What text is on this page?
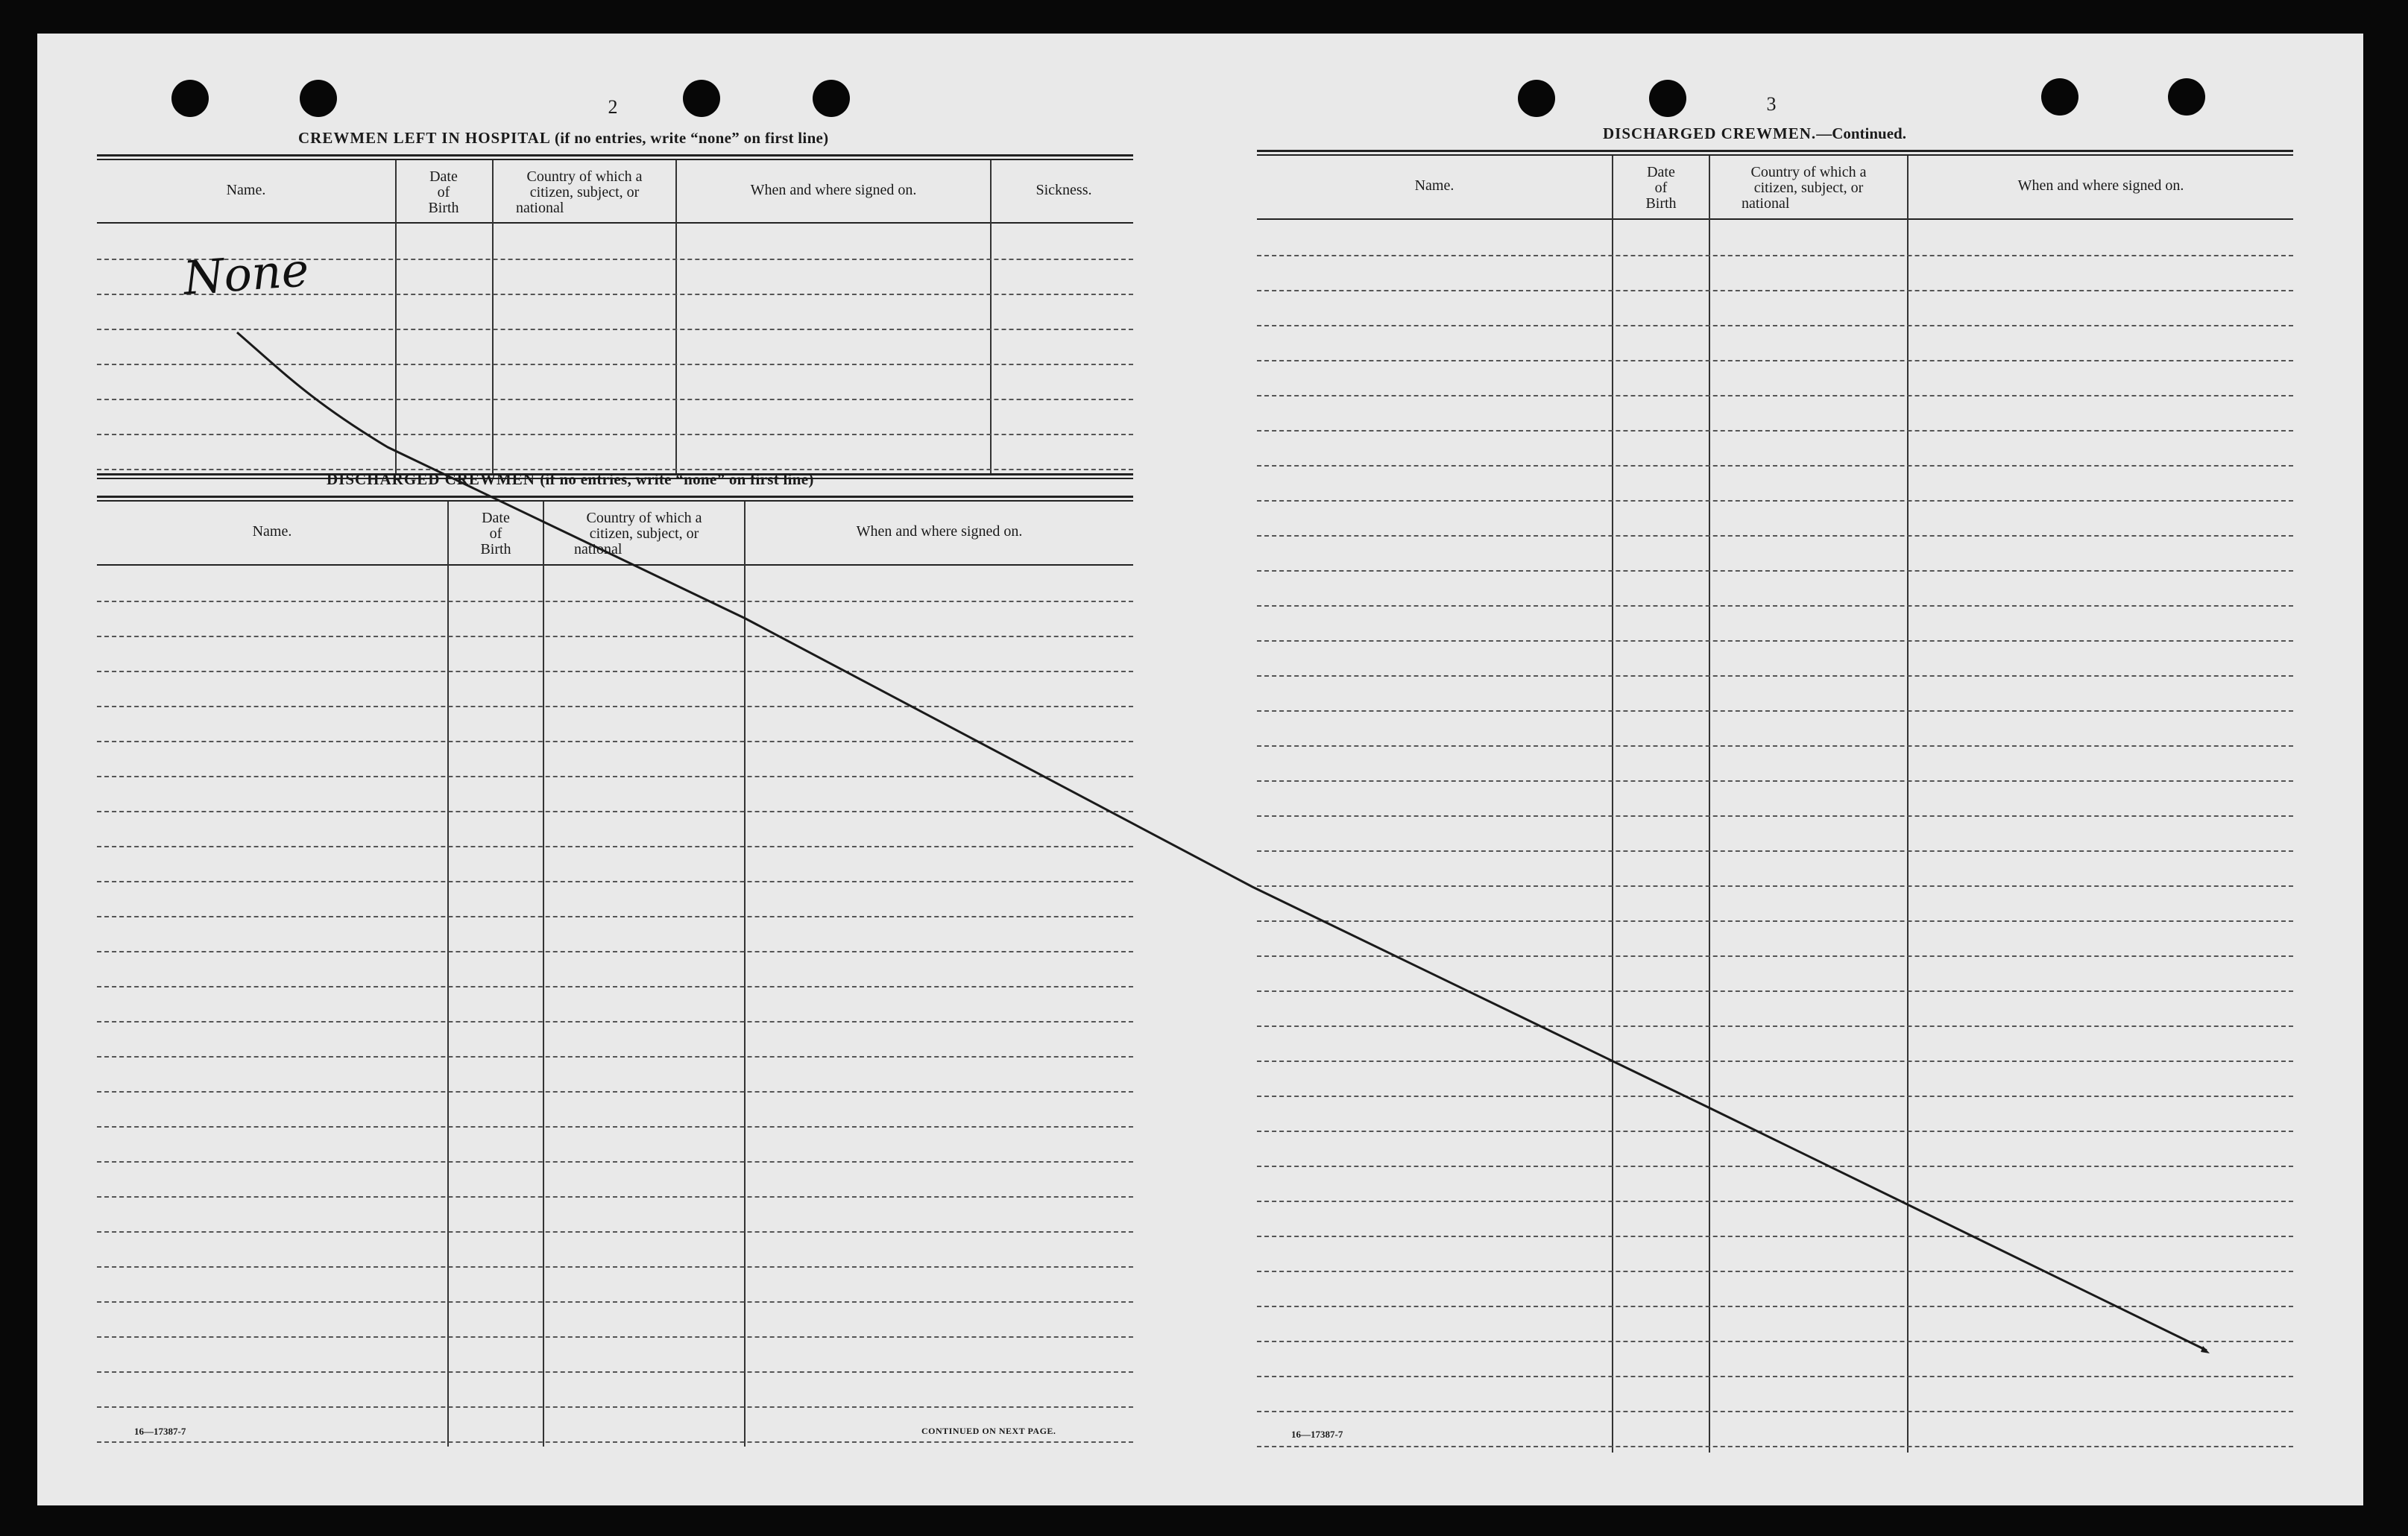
2
CREWMEN LEFT IN HOSPITAL (if no entries, write “none” on first line)
Name.
Date
of
Birth
Country of which a
citizen, subject, or
national
When and where signed on.	Sickness.
None
DISCHARGED CREWMEN (if no entries, write “none” on first line)
Name.
Date
of
Birth
Country of which a
citizen, subject, or
national
When and where signed on.
16—17387-7	CONTINUED ON NEXT PAGE.
3
DISCHARGED CREWMEN.—Continued.
Name.
Date
of
Birth
Country of which a
citizen, subject, or
national
When and where signed on.
16—17387-7
